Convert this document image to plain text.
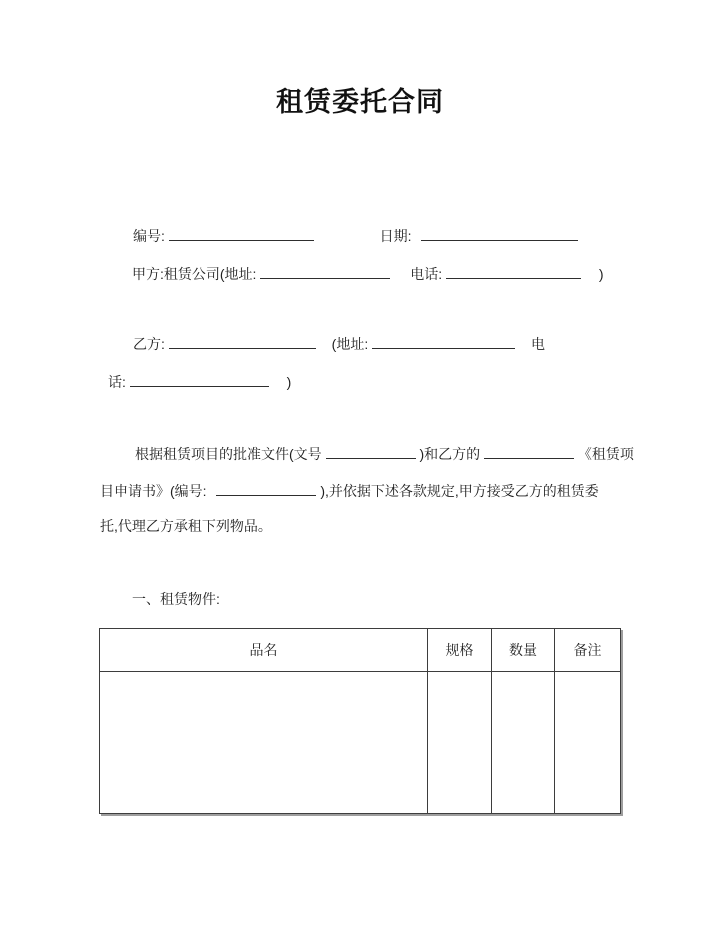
租赁委托合同
编号:	日期:
甲方:租赁公司(地址:	电话:	)
乙方:	(地址:	电
话:	)
根据租赁项目的批准文件(文号	)和乙方的	《租赁项
目申请书》(编号:	),并依据下述各款规定,甲方接受乙方的租赁委
托,代理乙方承租下列物品。
一、租赁物件:
品名	规格	数量	备注
